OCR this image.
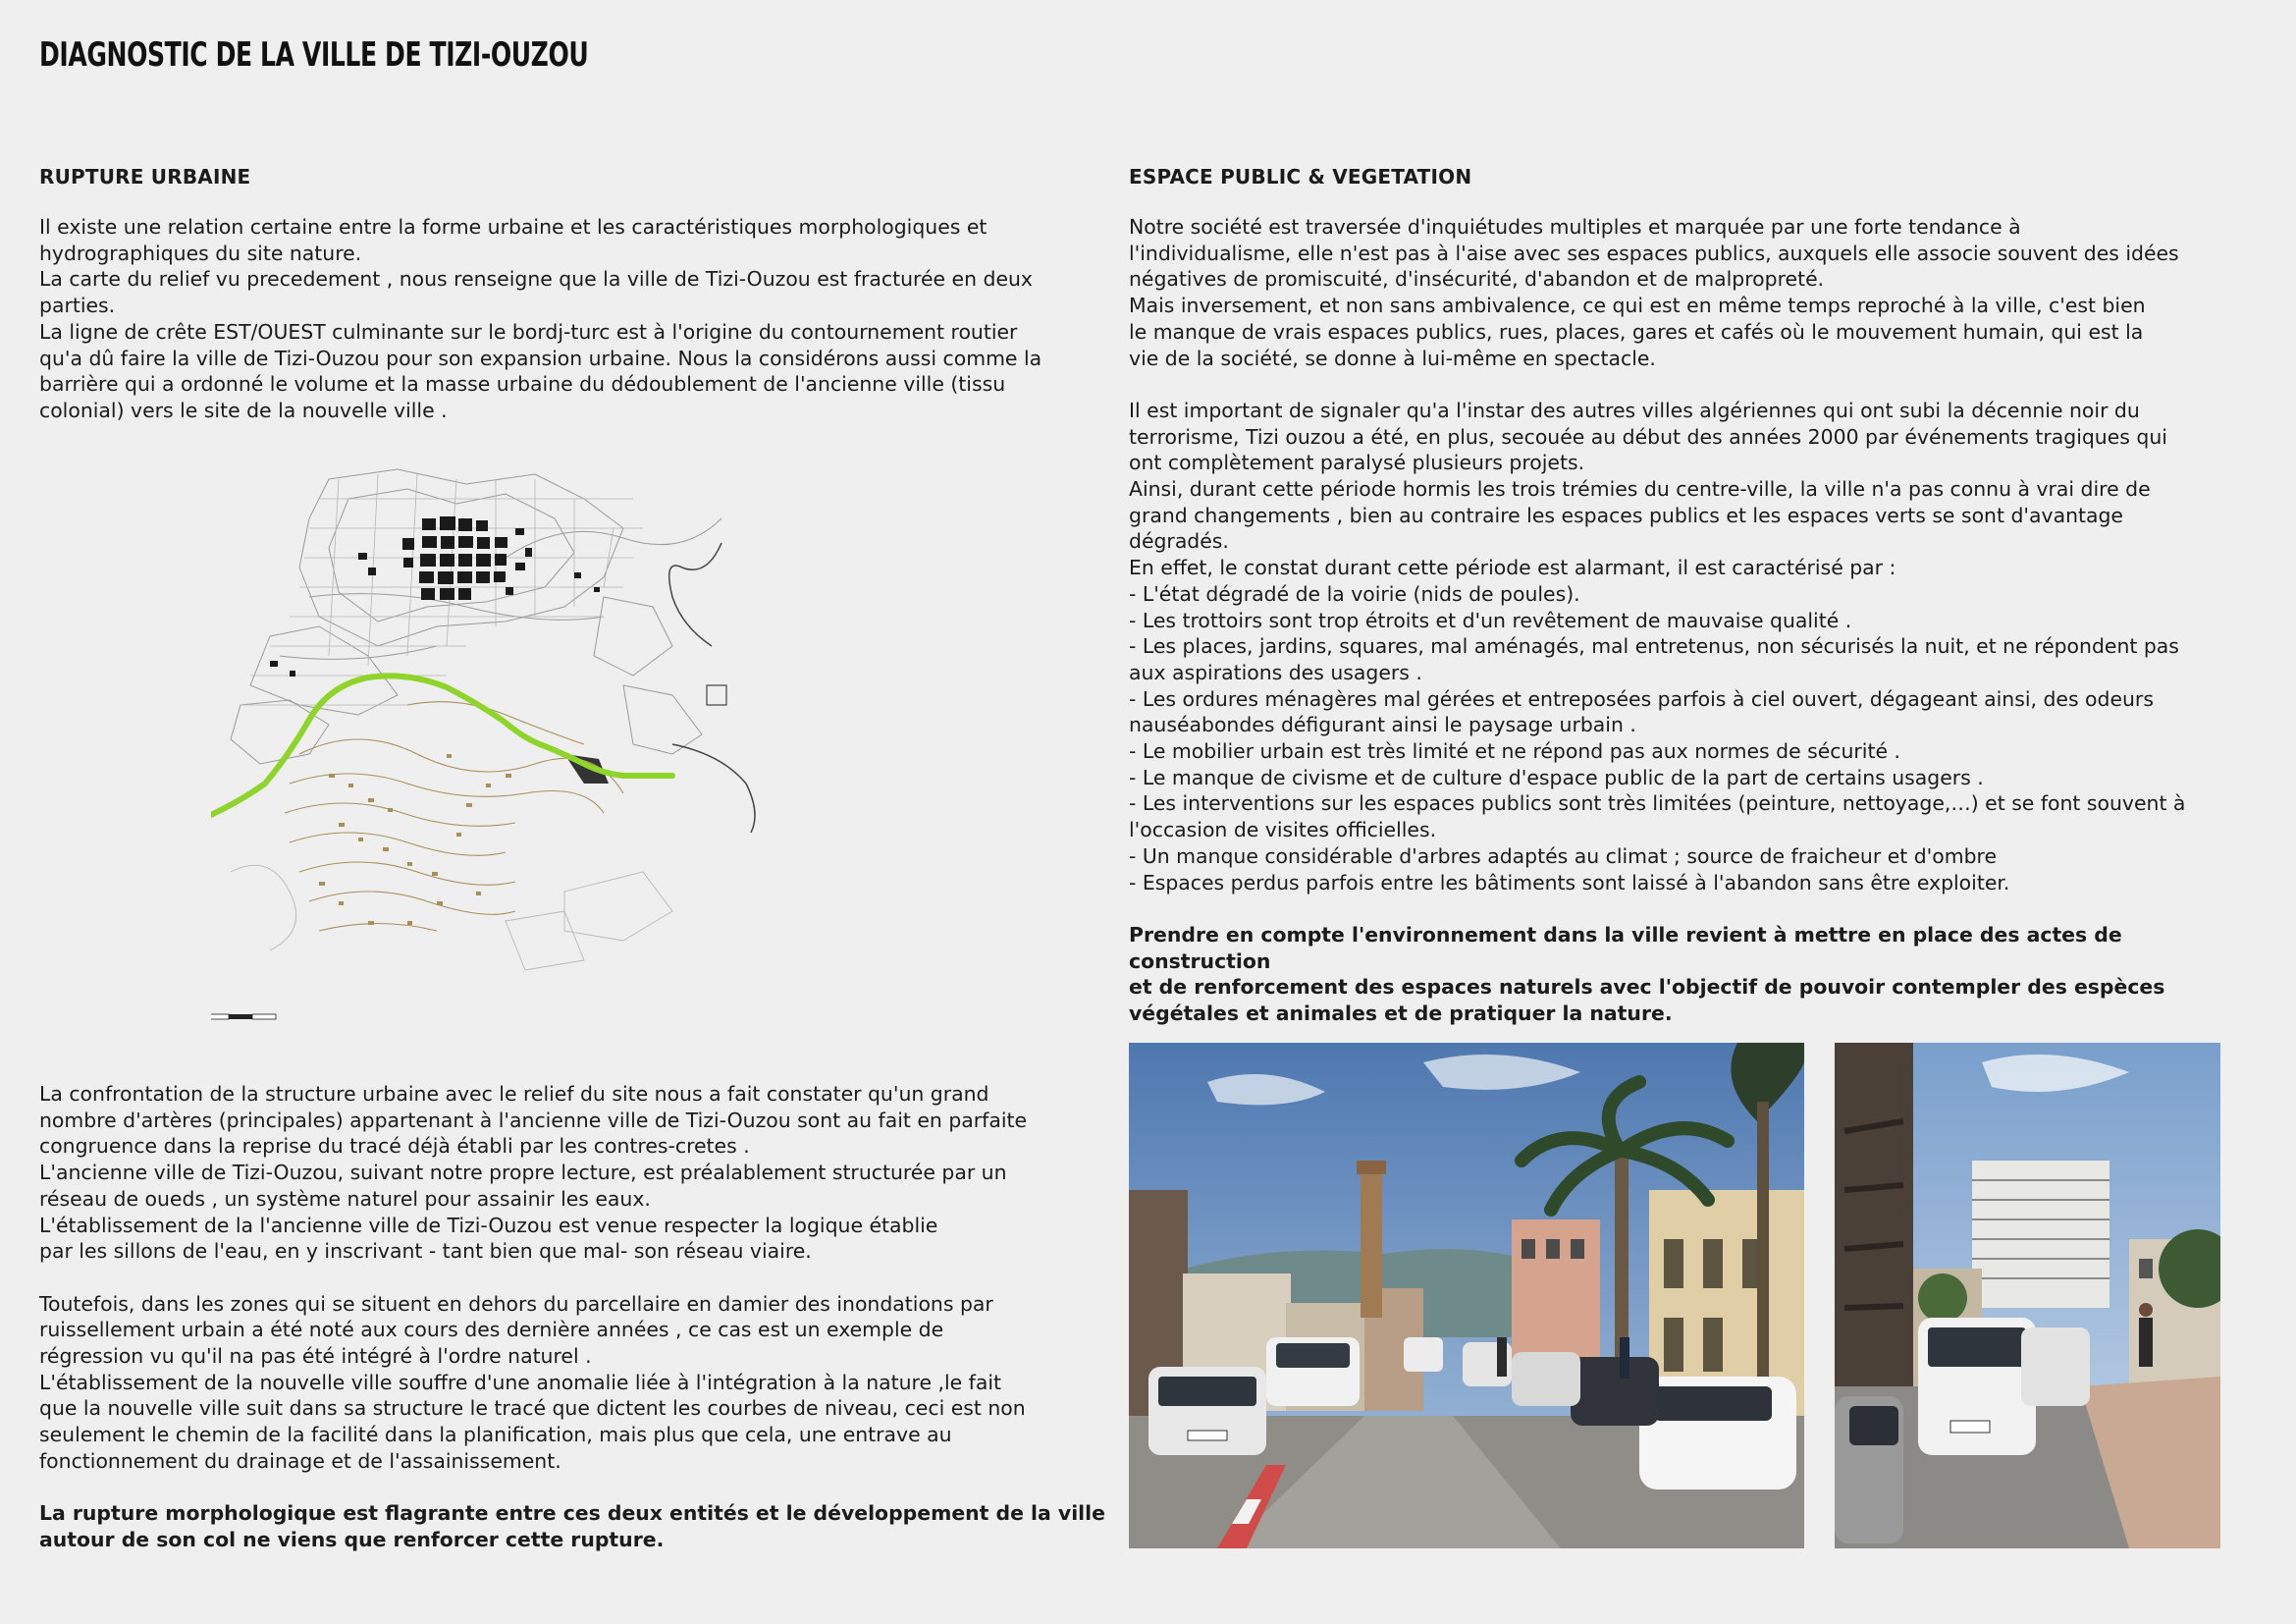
DIAGNOSTIC DE LA VILLE DE TIZI-OUZOU
RUPTURE URBAINE
Il existe une relation certaine entre la forme urbaine et les caractéristiques morphologiques et
hydrographiques du site nature.
La carte du relief vu precedement , nous renseigne que la ville de Tizi-Ouzou est fracturée en deux
parties.
La ligne de crête EST/OUEST culminante sur le bordj-turc est à l'origine du contournement routier
qu'a dû faire la ville de Tizi-Ouzou pour son expansion urbaine. Nous la considérons aussi comme la
barrière qui a ordonné le volume et la masse urbaine du dédoublement de l'ancienne ville (tissu
colonial) vers le site de la nouvelle ville .
La confrontation de la structure urbaine avec le relief du site nous a fait constater qu'un grand
nombre d'artères (principales) appartenant à l'ancienne ville de Tizi-Ouzou sont au fait en parfaite
congruence dans la reprise du tracé déjà établi par les contres-cretes .
L'ancienne ville de Tizi-Ouzou, suivant notre propre lecture, est préalablement structurée par un
réseau de oueds , un système naturel pour assainir les eaux.
L'établissement de la l'ancienne ville de Tizi-Ouzou est venue respecter la logique établie
par les sillons de l'eau, en y inscrivant - tant bien que mal- son réseau viaire.
Toutefois, dans les zones qui se situent en dehors du parcellaire en damier des inondations par
ruissellement urbain a été noté aux cours des dernière années , ce cas est un exemple de
régression vu qu'il na pas été intégré à l'ordre naturel .
L'établissement de la nouvelle ville souffre d'une anomalie liée à l'intégration à la nature ,le fait
que la nouvelle ville suit dans sa structure le tracé que dictent les courbes de niveau, ceci est non
seulement le chemin de la facilité dans la planification, mais plus que cela, une entrave au
fonctionnement du drainage et de l'assainissement.
La rupture morphologique est flagrante entre ces deux entités et le développement de la ville
autour de son col ne viens que renforcer cette rupture.
ESPACE PUBLIC & VEGETATION
Notre société est traversée d'inquiétudes multiples et marquée par une forte tendance à
l'individualisme, elle n'est pas à l'aise avec ses espaces publics, auxquels elle associe souvent des idées
négatives de promiscuité, d'insécurité, d'abandon et de malpropreté.
Mais inversement, et non sans ambivalence, ce qui est en même temps reproché à la ville, c'est bien
le manque de vrais espaces publics, rues, places, gares et cafés où le mouvement humain, qui est la
vie de la société, se donne à lui-même en spectacle.
Il est important de signaler qu'a l'instar des autres villes algériennes qui ont subi la décennie noir du
terrorisme, Tizi ouzou a été, en plus, secouée au début des années 2000 par événements tragiques qui
ont complètement paralysé plusieurs projets.
Ainsi, durant cette période hormis les trois trémies du centre-ville, la ville n'a pas connu à vrai dire de
grand changements , bien au contraire les espaces publics et les espaces verts se sont d'avantage
dégradés.
En effet, le constat durant cette période est alarmant, il est caractérisé par :
- L'état dégradé de la voirie (nids de poules).
- Les trottoirs sont trop étroits et d'un revêtement de mauvaise qualité .
- Les places, jardins, squares, mal aménagés, mal entretenus, non sécurisés la nuit, et ne répondent pas
aux aspirations des usagers .
- Les ordures ménagères mal gérées et entreposées parfois à ciel ouvert, dégageant ainsi, des odeurs
nauséabondes défigurant ainsi le paysage urbain .
- Le mobilier urbain est très limité et ne répond pas aux normes de sécurité .
- Le manque de civisme et de culture d'espace public de la part de certains usagers .
- Les interventions sur les espaces publics sont très limitées (peinture, nettoyage,…) et se font souvent à
l'occasion de visites officielles.
- Un manque considérable d'arbres adaptés au climat ; source de fraicheur et d'ombre
- Espaces perdus parfois entre les bâtiments sont laissé à l'abandon sans être exploiter.
Prendre en compte l'environnement dans la ville revient à mettre en place des actes de construction
et de renforcement des espaces naturels avec l'objectif de pouvoir contempler des espèces
végétales et animales et de pratiquer la nature.
